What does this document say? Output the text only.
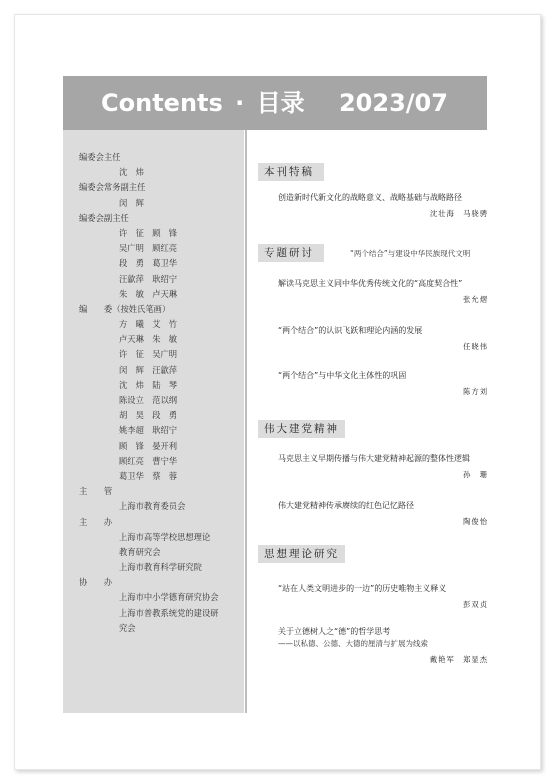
Contents · 目录 2023/07
编委会主任
沈　炜
编委会常务副主任
闵　辉
编委会副主任
许　征　顾　锋
吴广明　顾红亮
段　勇　葛卫华
汪歙萍　耿绍宁
朱　敏　卢天琳
编　　委（按姓氏笔画）
方　曦　艾　竹
卢天琳　朱　敏
许　征　吴广明
闵　辉　汪歙萍
沈　炜　陆　琴
陈设立　范以纲
胡　昊　段　勇
姚李超　耿绍宁
顾　锋　晏开利
顾红亮　曹宁华
葛卫华　蔡　蓉
主　　管
上海市教育委员会
主　　办
上海市高等学校思想理论
教育研究会
上海市教育科学研究院
协　　办
上海市中小学德育研究协会
上海市普教系统党的建设研
究会
本刊特稿
创造新时代新文化的战略意义、战略基础与战略路径
沈壮海　马骁骋
专题研讨	“两个结合”与建设中华民族现代文明
解读马克思主义同中华优秀传统文化的“高度契合性”
张允熠
“两个结合”的认识飞跃和理论内涵的发展
任晓伟
“两个结合”与中华文化主体性的巩固
陈方刘
伟大建党精神
马克思主义早期传播与伟大建党精神起源的整体性逻辑
孙　珊
伟大建党精神传承赓续的红色记忆路径
陶俊怡
思想理论研究
“站在人类文明进步的一边”的历史唯物主义释义
彭双贞
关于立德树人之“德”的哲学思考
——以私德、公德、大德的厘清与扩展为线索
戴艳军　郑显杰
